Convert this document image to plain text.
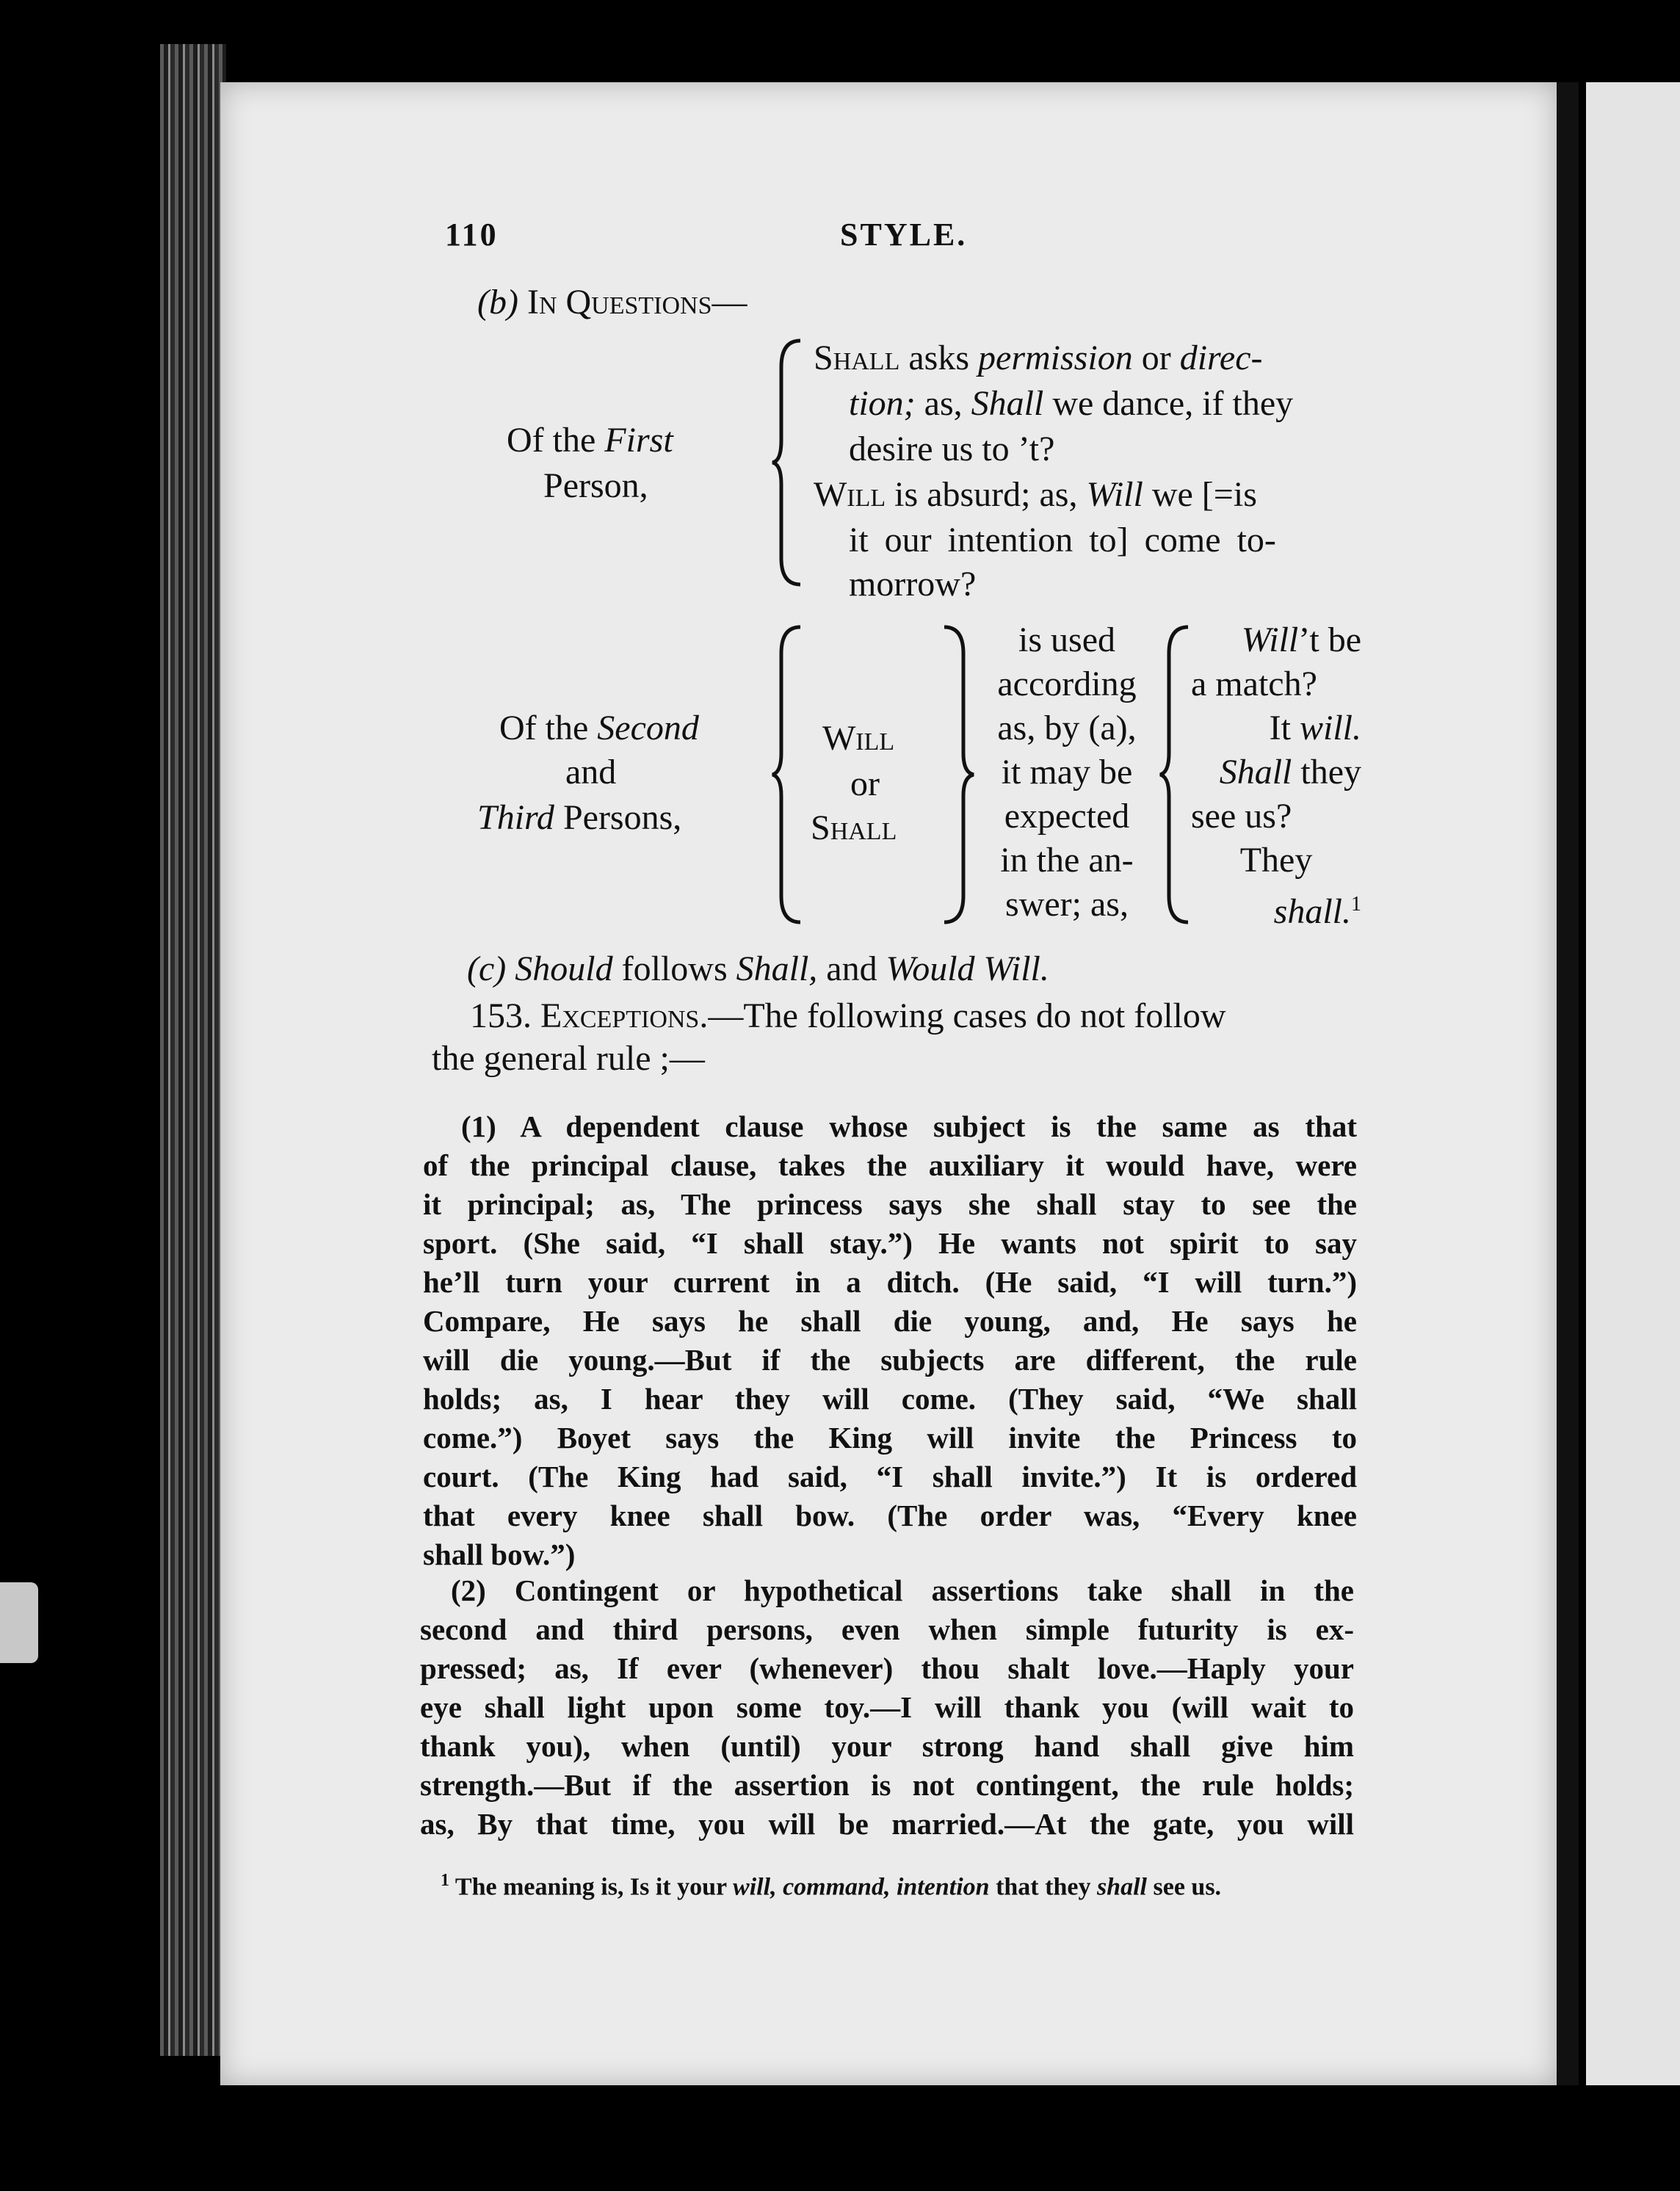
110	STYLE.
(b) In Questions—
Of the First
Person,
Shall asks permission or direc-
tion; as, Shall we dance, if they
desire us to ’t?
Will is absurd; as, Will we [=is
it our intention to] come to-
morrow?
Of the Second
and
Third Persons,
Will
or
Shall
is used
according
as, by (a),
it may be
expected
in the an-
swer; as,
Will’t be
a match?
It will.
Shall they
see us?
They
shall.$^1$
(c) Should follows Shall, and Would Will.
153. Exceptions.—The following cases do not follow
the general rule ;—
(1) A dependent clause whose subject is the same as that
of the principal clause, takes the auxiliary it would have, were
it principal; as, The princess says she shall stay to see the
sport. (She said, “I shall stay.”) He wants not spirit to say
he’ll turn your current in a ditch. (He said, “I will turn.”)
Compare, He says he shall die young, and, He says he
will die young.—But if the subjects are different, the rule
holds; as, I hear they will come. (They said, “We shall
come.”) Boyet says the King will invite the Princess to
court. (The King had said, “I shall invite.”) It is ordered
that every knee shall bow. (The order was, “Every knee
shall bow.”)
(2) Contingent or hypothetical assertions take shall in the
second and third persons, even when simple futurity is ex-
pressed; as, If ever (whenever) thou shalt love.—Haply your
eye shall light upon some toy.—I will thank you (will wait to
thank you), when (until) your strong hand shall give him
strength.—But if the assertion is not contingent, the rule holds;
as, By that time, you will be married.—At the gate, you will
$^1$ The meaning is, Is it your will, command, intention that they shall see us.
